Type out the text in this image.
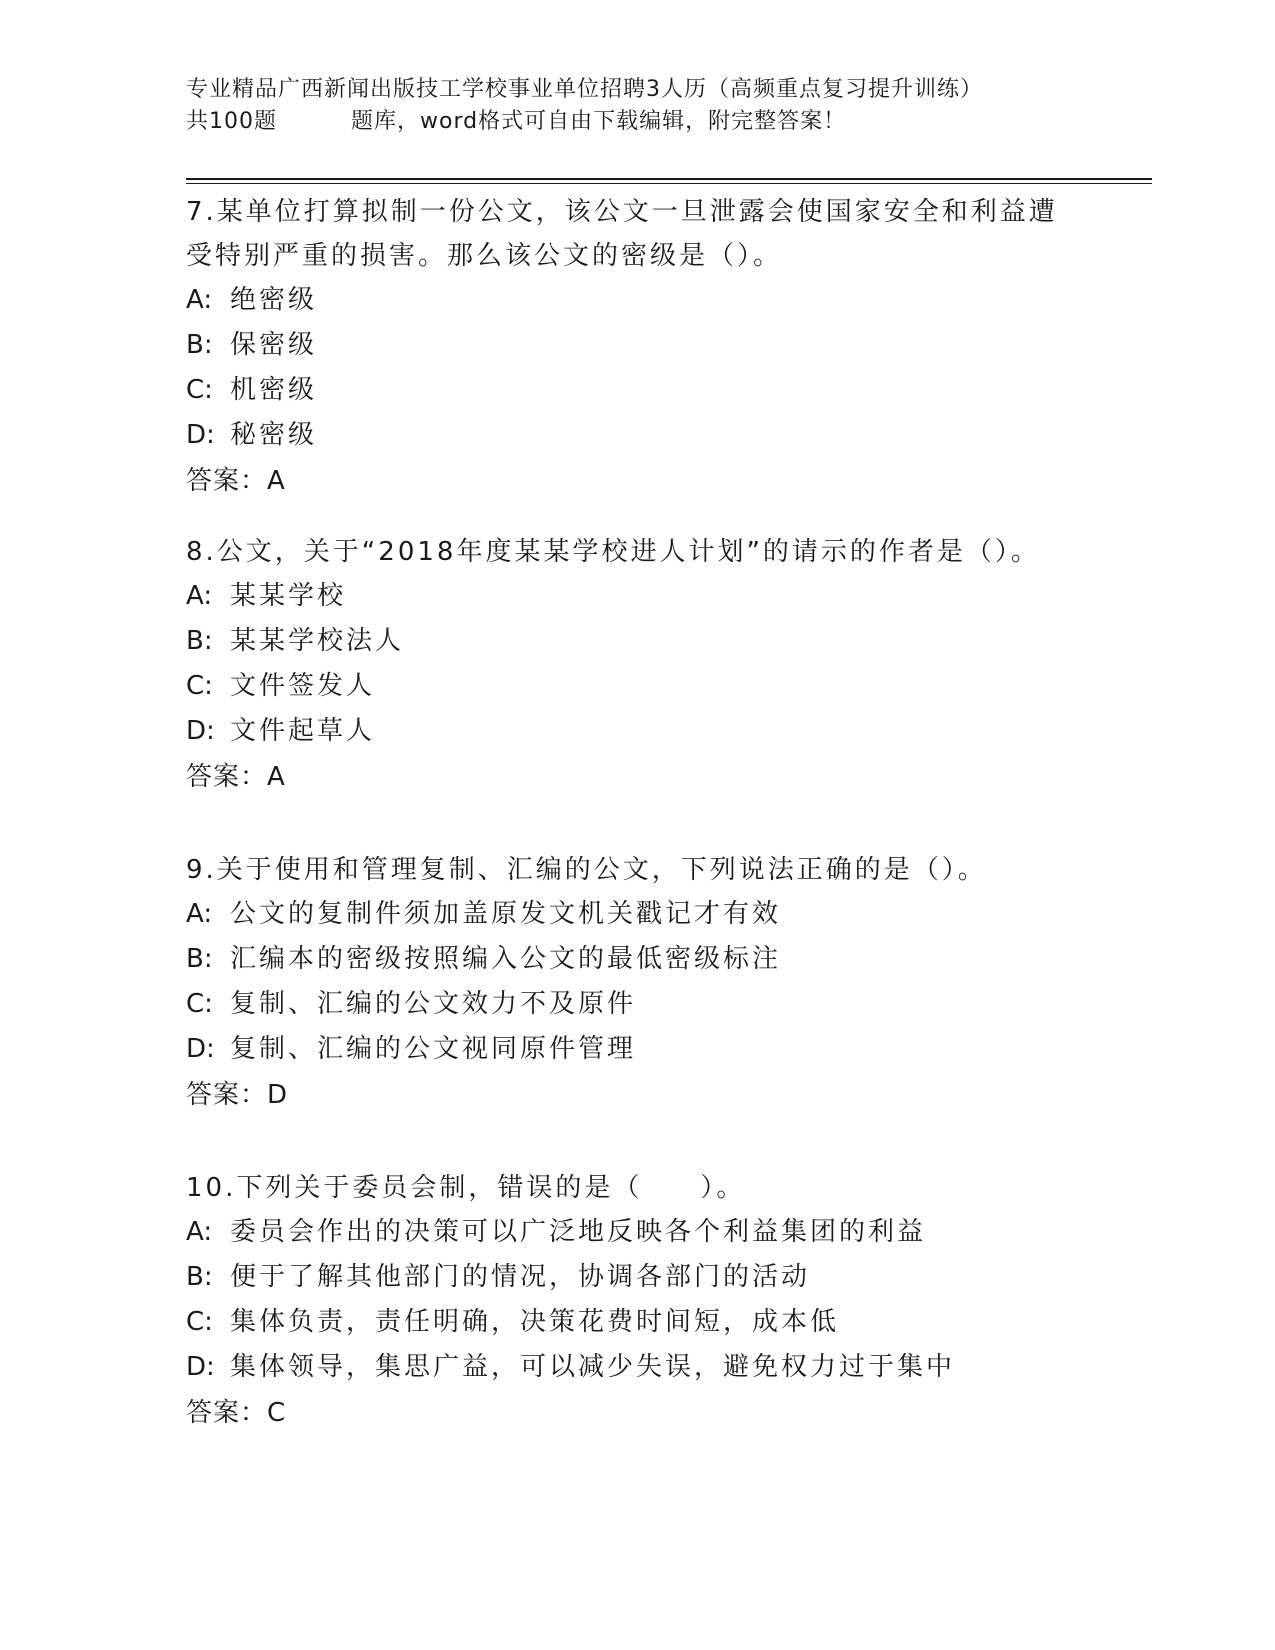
专业精品广西新闻出版技工学校事业单位招聘3人历（高频重点复习提升训练）
共100题	题库，word格式可自由下载编辑，附完整答案！

7.某单位打算拟制一份公文，该公文一旦泄露会使国家安全和利益遭

受特别严重的损害。那么该公文的密级是（）。

A: 绝密级

B: 保密级

C: 机密级

D: 秘密级

答案：A

8.公文，关于“2018年度某某学校进人计划”的请示的作者是（）。

A: 某某学校

B: 某某学校法人

C: 文件签发人

D: 文件起草人

答案：A

9.关于使用和管理复制、汇编的公文，下列说法正确的是（）。

A: 公文的复制件须加盖原发文机关戳记才有效

B: 汇编本的密级按照编入公文的最低密级标注

C: 复制、汇编的公文效力不及原件

D: 复制、汇编的公文视同原件管理

答案：D

10.下列关于委员会制，错误的是（　　）。

A: 委员会作出的决策可以广泛地反映各个利益集团的利益

B: 便于了解其他部门的情况，协调各部门的活动

C: 集体负责，责任明确，决策花费时间短，成本低

D: 集体领导，集思广益，可以减少失误，避免权力过于集中

答案：C
